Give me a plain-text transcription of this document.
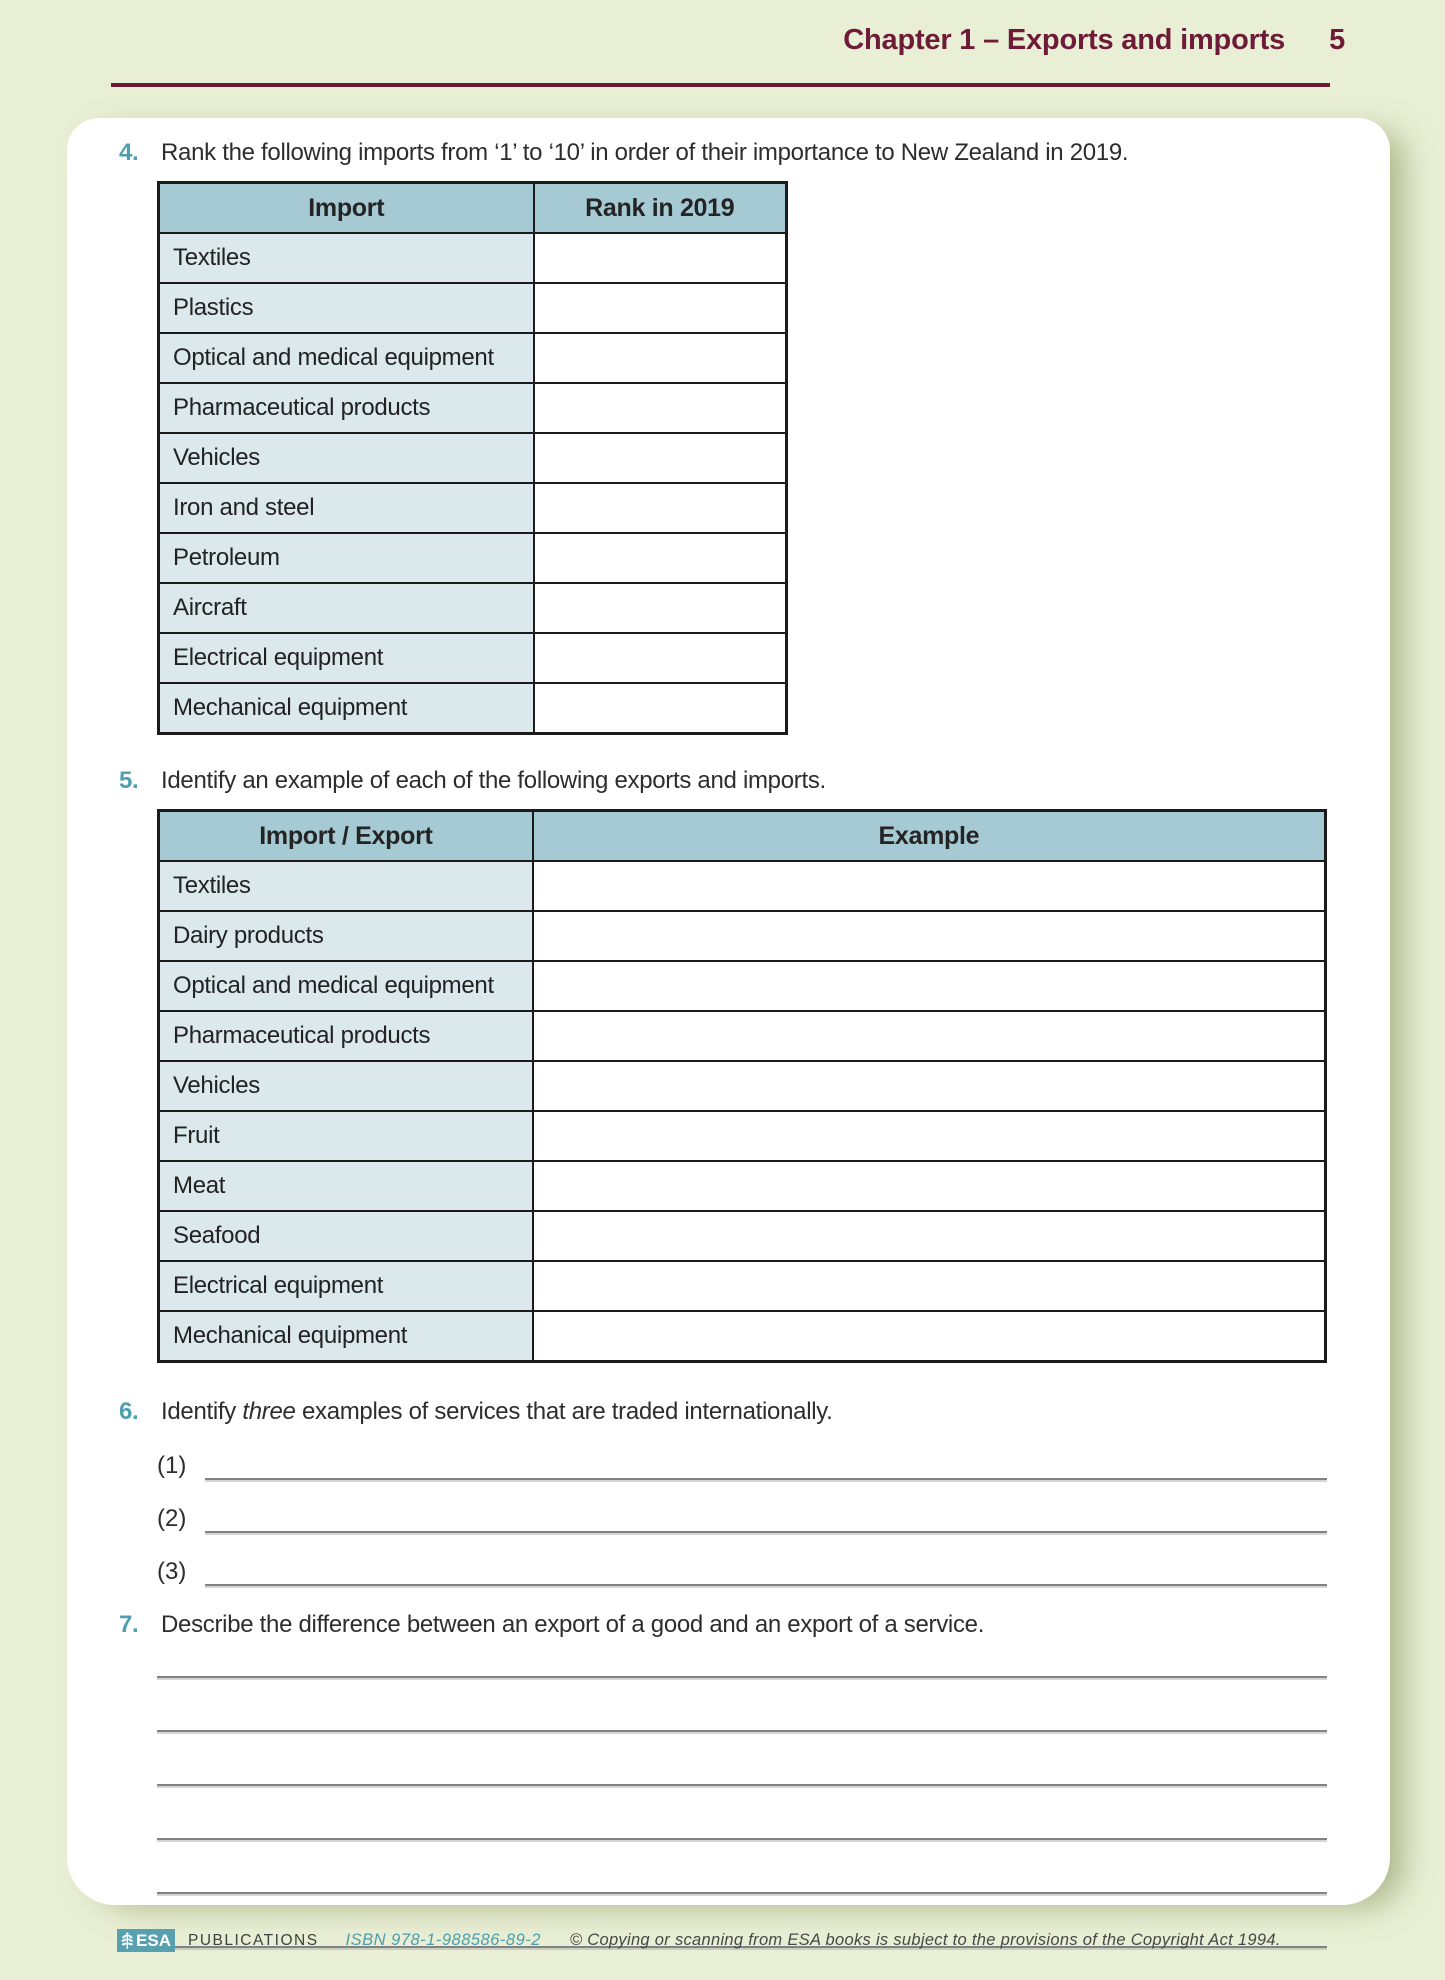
Chapter 1 – Exports and imports 5
4. Rank the following imports from ‘1’ to ‘10’ in order of their importance to New Zealand in 2019.
Import	Rank in 2019
Textiles	
Plastics	
Optical and medical equipment	
Pharmaceutical products	
Vehicles	
Iron and steel	
Petroleum	
Aircraft	
Electrical equipment	
Mechanical equipment	
5. Identify an example of each of the following exports and imports.
Import / Export	Example
Textiles	
Dairy products	
Optical and medical equipment	
Pharmaceutical products	
Vehicles	
Fruit	
Meat	
Seafood	
Electrical equipment	
Mechanical equipment	
6. Identify three examples of services that are traded internationally.
(1)
(2)
(3)
7. Describe the difference between an export of a good and an export of a service.
ESA PUBLICATIONS ISBN 978-1-988586-89-2 © Copying or scanning from ESA books is subject to the provisions of the Copyright Act 1994.
